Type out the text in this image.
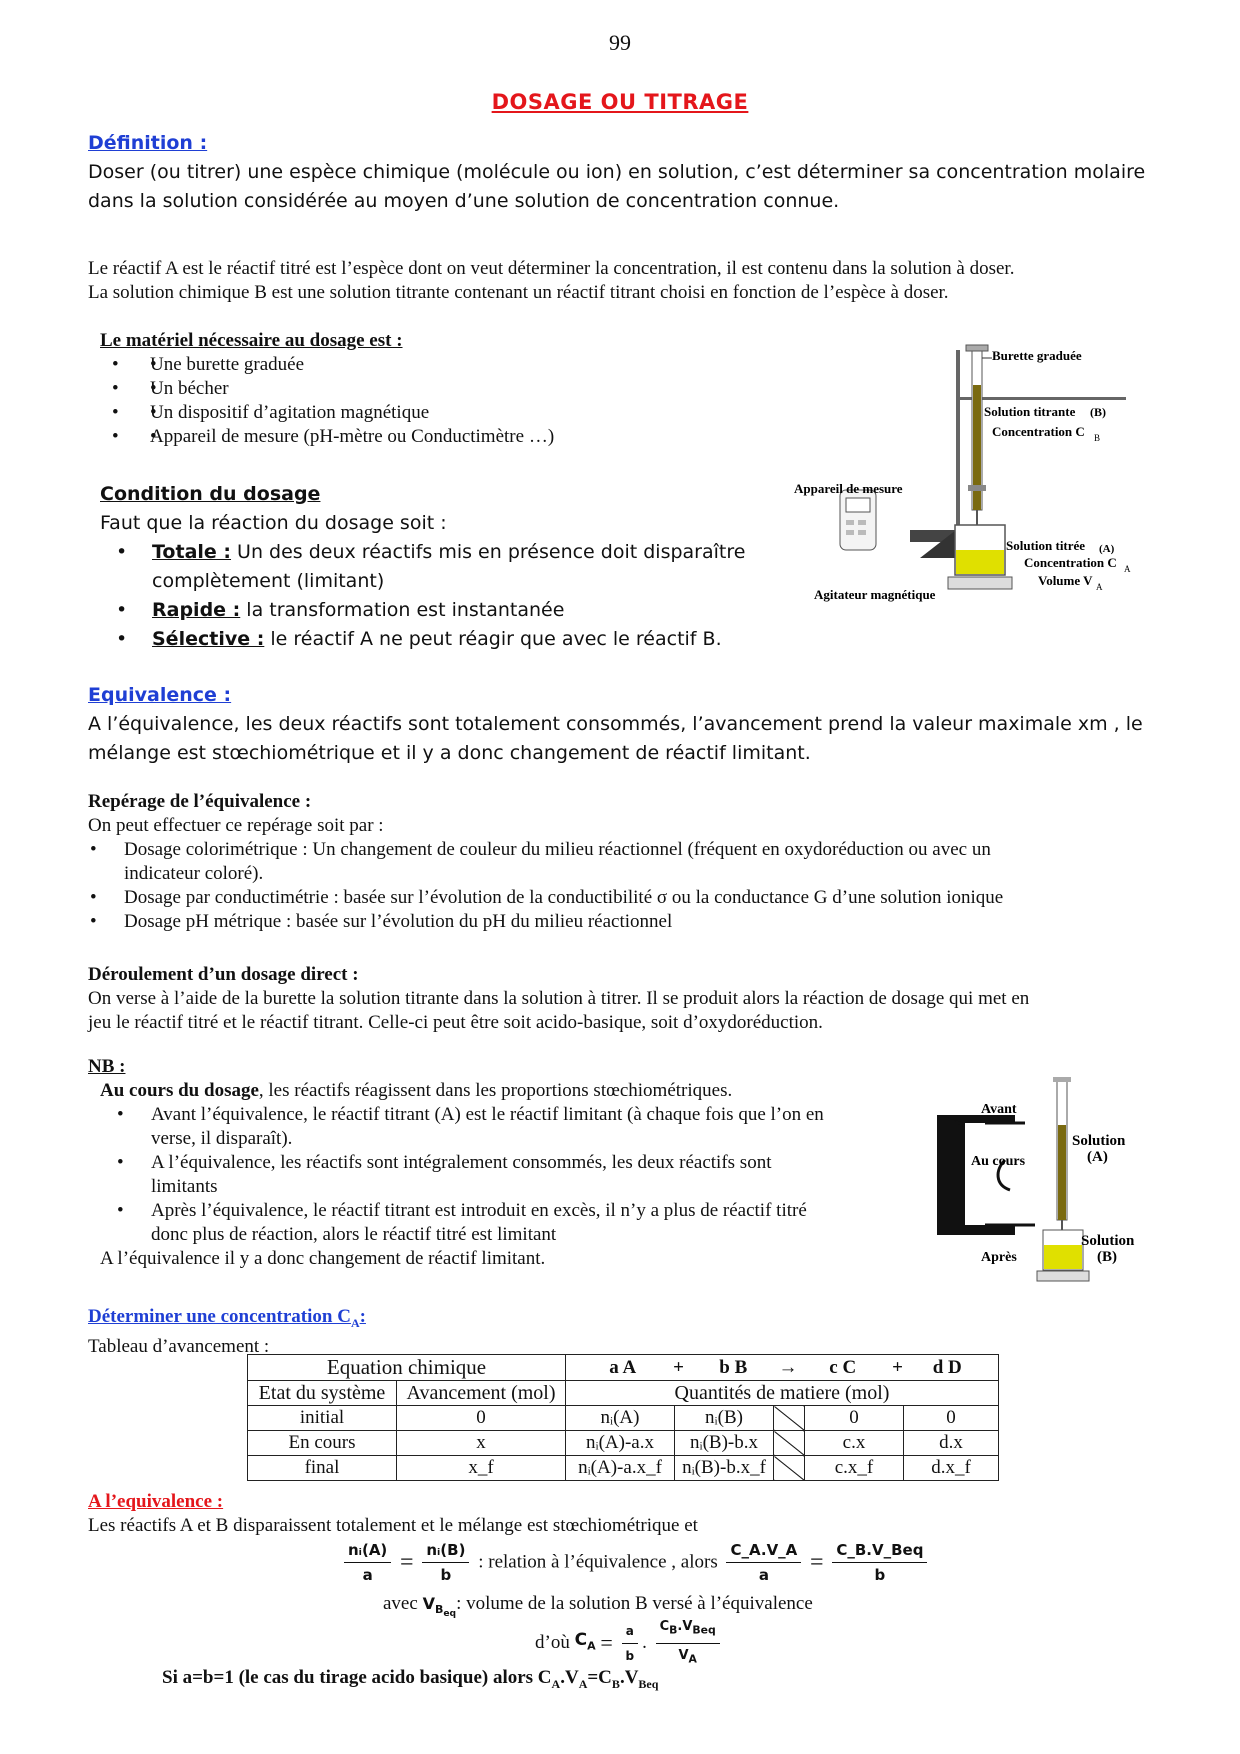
99
DOSAGE OU TITRAGE
Définition :
Doser (ou titrer) une espèce chimique (molécule ou ion) en solution, c’est déterminer sa concentration molaire
dans la solution considérée au moyen d’une solution de concentration connue.
Le réactif A est le réactif titré est l’espèce dont on veut déterminer la concentration, il est contenu dans la solution à doser.
La solution chimique B est une solution titrante contenant un réactif titrant choisi en fonction de l’espèce à doser.
Le matériel nécessaire au dosage est :
• • Une burette graduée
• • Un bécher
• • Un dispositif d’agitation magnétique
• • Appareil de mesure (pH-mètre ou Conductimètre …)
Condition du dosage
Faut que la réaction du dosage soit :
• Totale : Un des deux réactifs mis en présence doit disparaître
complètement (limitant)
• Rapide : la transformation est instantanée
• Sélective : le réactif A ne peut réagir que avec le réactif B.
Burette graduée
Solution titrante (B)
Concentration C B
Appareil de mesure
Solution titrée (A)
Concentration C A
Volume V A
Agitateur magnétique
Equivalence :
A l’équivalence, les deux réactifs sont totalement consommés, l’avancement prend la valeur maximale xm , le
mélange est stœchiométrique et il y a donc changement de réactif limitant.
Repérage de l’équivalence :
On peut effectuer ce repérage soit par :
• Dosage colorimétrique : Un changement de couleur du milieu réactionnel (fréquent en oxydoréduction ou avec un
indicateur coloré).
• Dosage par conductimétrie : basée sur l’évolution de la conductibilité σ ou la conductance G d’une solution ionique
• Dosage pH métrique : basée sur l’évolution du pH du milieu réactionnel
Déroulement d’un dosage direct :
On verse à l’aide de la burette la solution titrante dans la solution à titrer. Il se produit alors la réaction de dosage qui met en
jeu le réactif titré et le réactif titrant. Celle-ci peut être soit acido-basique, soit d’oxydoréduction.
NB :
Au cours du dosage, les réactifs réagissent dans les proportions stœchiométriques.
• Avant l’équivalence, le réactif titrant (A) est le réactif limitant (à chaque fois que l’on en
verse, il disparaît).
• A l’équivalence, les réactifs sont intégralement consommés, les deux réactifs sont
limitants
• Après l’équivalence, le réactif titrant est introduit en excès, il n’y a plus de réactif titré
donc plus de réaction, alors le réactif titré est limitant
A l’équivalence il y a donc changement de réactif limitant.
Avant
Au cours
Après
Solution
(A)
Solution
(B)
Déterminer une concentration $C_A$:
Tableau d’avancement :
Equation chimique		a A + b B → c C + d D				
Etat du système	Avancement (mol)	Quantités de matiere (mol)				
initial	0	nᵢ(A)	nᵢ(B)		0	0
En cours	x	nᵢ(A)-a.x	nᵢ(B)-b.x		c.x	d.x
final	x_f	nᵢ(A)-a.x_f	nᵢ(B)-b.x_f		c.x_f	d.x_f
A l’equivalence :
Les réactifs A et B disparaissent totalement et le mélange est stœchiométrique et
$\frac{\text{nᵢ(A)}}{a} = \frac{\text{nᵢ(B)}}{b}$ : relation à l’équivalence , alors $\frac{C\_A.V\_A}{a} = \frac{\text{C\_B.V\_Beq}}{b}$
avec $V_{B_{eq}}$: volume de la solution B versé à l’équivalence
d’où $C_A = \frac{a}{b}$ . $\frac{C_B.V_{Beq}}{V_A}$
Si a=b=1 (le cas du tirage acido basique) alors $C_A.V_A=C_B.V_{Beq}$
